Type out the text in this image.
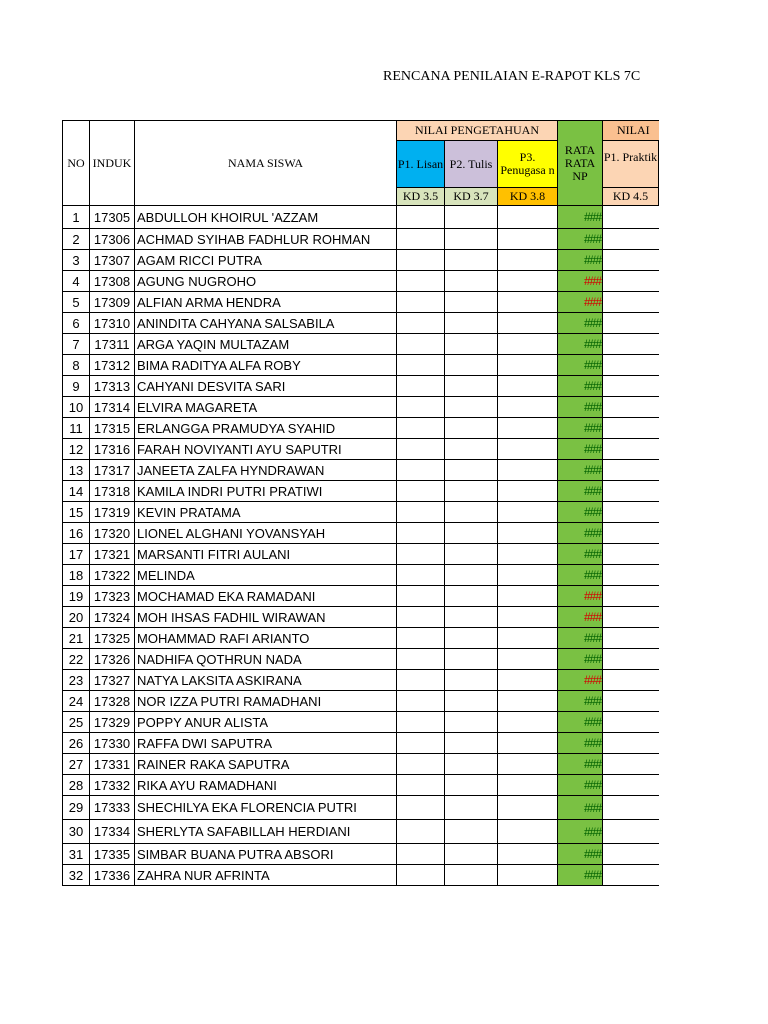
RENCANA PENILAIAN E-RAPOT KLS 7C
NO	INDUK	NAMA SISWA	NILAI PENGETAHUAN			RATA RATA NP	NILAI
			P1. Lisan	P2. Tulis	P3. Penugasa n		P1. Praktik
			KD 3.5	KD 3.7	KD 3.8		KD 4.5
1	17305	ABDULLOH KHOIRUL 'AZZAM				###	
2	17306	ACHMAD SYIHAB FADHLUR ROHMAN				###	
3	17307	AGAM RICCI PUTRA				###	
4	17308	AGUNG NUGROHO				###	
5	17309	ALFIAN ARMA HENDRA				###	
6	17310	ANINDITA CAHYANA SALSABILA				###	
7	17311	ARGA YAQIN MULTAZAM				###	
8	17312	BIMA RADITYA ALFA ROBY				###	
9	17313	CAHYANI DESVITA SARI				###	
10	17314	ELVIRA MAGARETA				###	
11	17315	ERLANGGA PRAMUDYA SYAHID				###	
12	17316	FARAH NOVIYANTI AYU SAPUTRI				###	
13	17317	JANEETA ZALFA HYNDRAWAN				###	
14	17318	KAMILA INDRI PUTRI PRATIWI				###	
15	17319	KEVIN PRATAMA				###	
16	17320	LIONEL ALGHANI YOVANSYAH				###	
17	17321	MARSANTI FITRI AULANI				###	
18	17322	MELINDA				###	
19	17323	MOCHAMAD EKA RAMADANI				###	
20	17324	MOH IHSAS FADHIL WIRAWAN				###	
21	17325	MOHAMMAD RAFI ARIANTO				###	
22	17326	NADHIFA QOTHRUN NADA				###	
23	17327	NATYA LAKSITA ASKIRANA				###	
24	17328	NOR IZZA PUTRI RAMADHANI				###	
25	17329	POPPY ANUR ALISTA				###	
26	17330	RAFFA DWI SAPUTRA				###	
27	17331	RAINER RAKA SAPUTRA				###	
28	17332	RIKA AYU RAMADHANI				###	
29	17333	SHECHILYA EKA FLORENCIA PUTRI				###	
30	17334	SHERLYTA SAFABILLAH HERDIANI				###	
31	17335	SIMBAR BUANA PUTRA ABSORI				###	
32	17336	ZAHRA NUR AFRINTA				###	
